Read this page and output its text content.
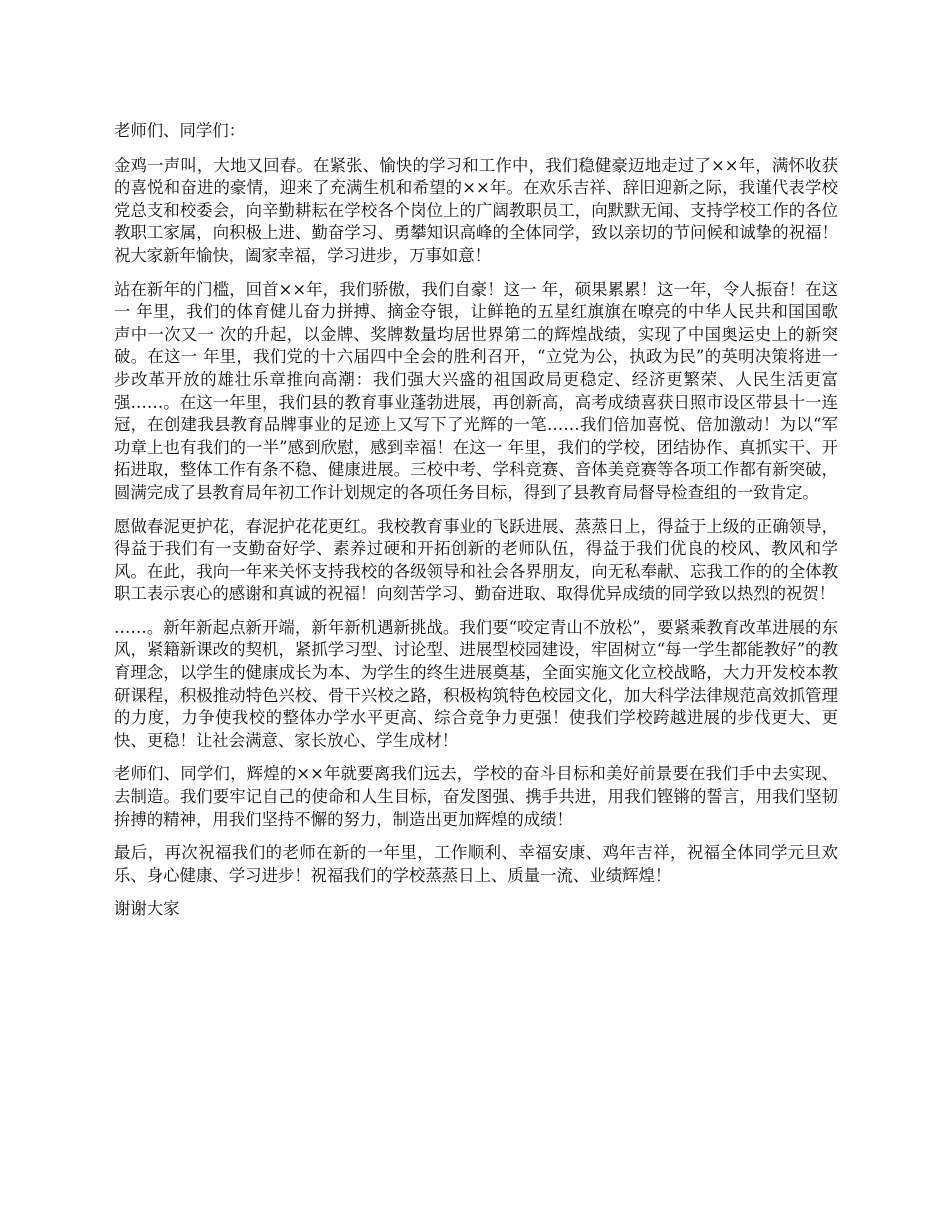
老师们、同学们：

金鸡一声叫，大地又回春。在紧张、愉快的学习和工作中，我们稳健豪迈地走过了××年，满怀收获的喜悦和奋进的豪情，迎来了充满生机和希望的××年。在欢乐吉祥、辞旧迎新之际，我谨代表学校党总支和校委会，向辛勤耕耘在学校各个岗位上的广阔教职员工，向默默无闻、支持学校工作的各位教职工家属，向积极上进、勤奋学习、勇攀知识高峰的全体同学，致以亲切的节问候和诚挚的祝福！祝大家新年愉快，阖家幸福，学习进步，万事如意！

站在新年的门槛，回首××年，我们骄傲，我们自豪！这一 年，硕果累累！这一年，令人振奋！在这一 年里，我们的体育健儿奋力拼搏、摘金夺银，让鲜艳的五星红旗旗在嘹亮的中华人民共和国国歌声中一次又一 次的升起，以金牌、奖牌数量均居世界第二的辉煌战绩，实现了中国奥运史上的新突破。在这一 年里，我们党的十六届四中全会的胜利召开，“立党为公，执政为民”的英明决策将进一步改革开放的雄壮乐章推向高潮：我们强大兴盛的祖国政局更稳定、经济更繁荣、人民生活更富强……。在这一年里，我们县的教育事业蓬勃进展，再创新高，高考成绩喜获日照市设区带县十一连冠，在创建我县教育品牌事业的足迹上又写下了光辉的一笔……我们倍加喜悦、倍加激动！为以“军功章上也有我们的一半”感到欣慰，感到幸福！在这一 年里，我们的学校，团结协作、真抓实干、开拓进取，整体工作有条不稳、健康进展。三校中考、学科竞赛、音体美竞赛等各项工作都有新突破，圆满完成了县教育局年初工作计划规定的各项任务目标，得到了县教育局督导检查组的一致肯定。

愿做春泥更护花，春泥护花花更红。我校教育事业的飞跃进展、蒸蒸日上，得益于上级的正确领导，得益于我们有一支勤奋好学、素养过硬和开拓创新的老师队伍，得益于我们优良的校风、教风和学风。在此，我向一年来关怀支持我校的各级领导和社会各界朋友，向无私奉献、忘我工作的的全体教职工表示衷心的感谢和真诚的祝福！向刻苦学习、勤奋进取、取得优异成绩的同学致以热烈的祝贺！

……。新年新起点新开端，新年新机遇新挑战。我们要“咬定青山不放松”，要紧乘教育改革进展的东风，紧籍新课改的契机，紧抓学习型、讨论型、进展型校园建设，牢固树立“每一学生都能教好”的教育理念，以学生的健康成长为本、为学生的终生进展奠基，全面实施文化立校战略，大力开发校本教研课程，积极推动特色兴校、骨干兴校之路，积极构筑特色校园文化，加大科学法律规范高效抓管理的力度，力争使我校的整体办学水平更高、综合竞争力更强！使我们学校跨越进展的步伐更大、更快、更稳！让社会满意、家长放心、学生成材！

老师们、同学们，辉煌的××年就要离我们远去，学校的奋斗目标和美好前景要在我们手中去实现、去制造。我们要牢记自己的使命和人生目标，奋发图强、携手共进，用我们铿锵的誓言，用我们坚韧拚搏的精神，用我们坚持不懈的努力，制造出更加辉煌的成绩！

最后，再次祝福我们的老师在新的一年里，工作顺利、幸福安康、鸡年吉祥，祝福全体同学元旦欢乐、身心健康、学习进步！祝福我们的学校蒸蒸日上、质量一流、业绩辉煌！

谢谢大家
